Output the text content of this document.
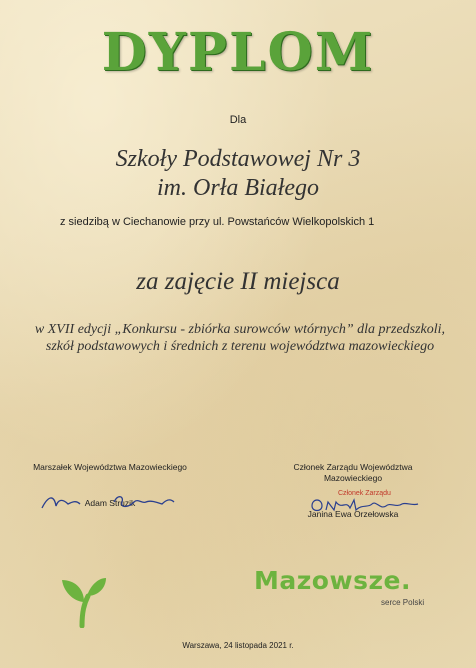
DYPLOM
Dla
Szkoły Podstawowej Nr 3
im. Orła Białego
z siedzibą w Ciechanowie przy ul. Powstańców Wielkopolskich 1
za zajęcie II miejsca
w XVII edycji „Konkursu - zbiórka surowców wtórnych” dla przedszkoli, szkół podstawowych i średnich z terenu województwa mazowieckiego
Marszałek Województwa Mazowieckiego
Adam Struzik
Członek Zarządu Województwa Mazowieckiego
Janina Ewa Orzełowska
Członek Zarządu
Mazowsze.
serce Polski
Warszawa, 24 listopada 2021 r.
